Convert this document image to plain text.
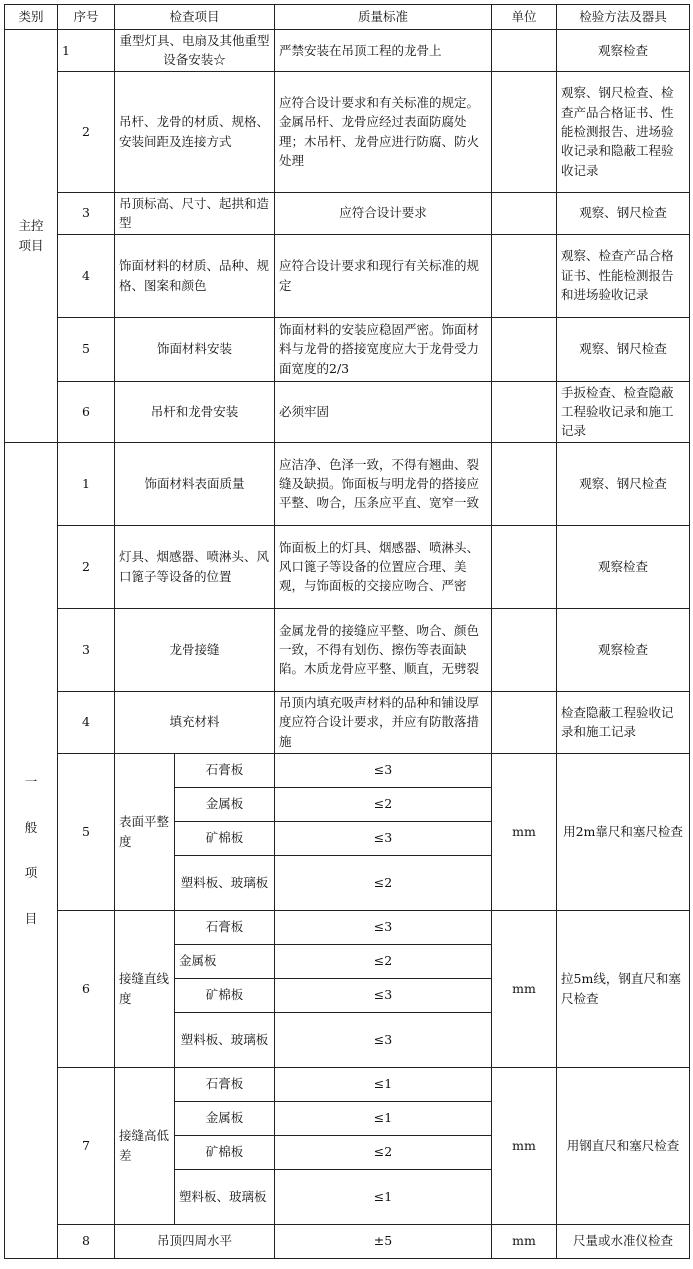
类别	序号	检查项目		质量标准	单位	检验方法及器具
主控项目	1	重型灯具、电扇及其他重型设备安装☆		严禁安装在吊顶工程的龙骨上		观察检查
	2	吊杆、龙骨的材质、规格、安装间距及连接方式		应符合设计要求和有关标准的规定。金属吊杆、龙骨应经过表面防腐处理；木吊杆、龙骨应进行防腐、防火处理		观察、钢尺检查、检查产品合格证书、性能检测报告、进场验收记录和隐蔽工程验收记录
	3	吊顶标高、尺寸、起拱和造型		应符合设计要求		观察、钢尺检查
	4	饰面材料的材质、品种、规格、图案和颜色		应符合设计要求和现行有关标准的规定		观察、检查产品合格证书、性能检测报告和进场验收记录
	5	饰面材料安装		饰面材料的安装应稳固严密。饰面材料与龙骨的搭接宽度应大于龙骨受力面宽度的2/3		观察、钢尺检查
	6	吊杆和龙骨安装		必须牢固		手扳检查、检查隐蔽工程验收记录和施工记录

一
般
项
目	1	饰面材料表面质量		应洁净、色泽一致，不得有翘曲、裂缝及缺损。饰面板与明龙骨的搭接应平整、吻合，压条应平直、宽窄一致		观察、钢尺检查
	2	灯具、烟感器、喷淋头、风口篦子等设备的位置		饰面板上的灯具、烟感器、喷淋头、风口篦子等设备的位置应合理、美观，与饰面板的交接应吻合、严密		观察检查
	3	龙骨接缝		金属龙骨的接缝应平整、吻合、颜色一致，不得有划伤、擦伤等表面缺陷。木质龙骨应平整、顺直，无劈裂		观察检查
	4	填充材料		吊顶内填充吸声材料的品种和铺设厚度应符合设计要求，并应有防散落措施		检查隐蔽工程验收记录和施工记录
	5	表面平整度	石膏板	≤3	mm	用2m靠尺和塞尺检查
			金属板	≤2		
			矿棉板	≤3		
			塑料板、玻璃板	≤2		
	6	接缝直线度	石膏板	≤3	mm	拉5m线，钢直尺和塞尺检查
			金属板	≤2		
			矿棉板	≤3		
			塑料板、玻璃板	≤3		
	7	接缝高低差	石膏板	≤1	mm	用钢直尺和塞尺检查
			金属板	≤1		
			矿棉板	≤2		
			塑料板、玻璃板	≤1		
	8	吊顶四周水平		±5	mm	尺量或水准仪检查
